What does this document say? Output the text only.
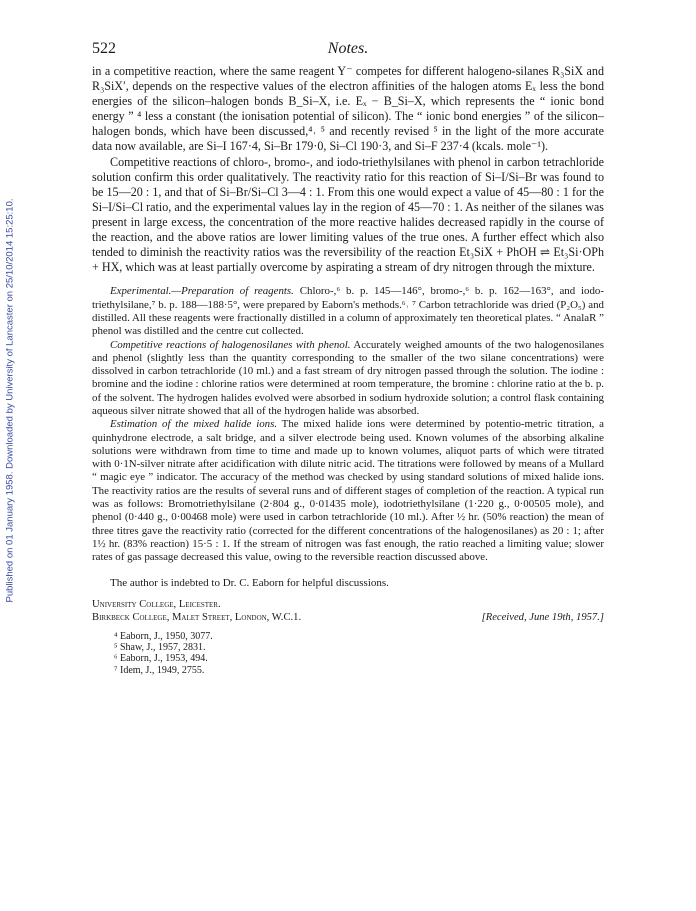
Published on 01 January 1958. Downloaded by University of Lancaster on 25/10/2014 15:25:10.
522	Notes.

in a competitive reaction, where the same reagent Y⁻ competes for different halogeno-silanes R₃SiX and R₃SiX′, depends on the respective values of the electron affinities of the halogen atoms Eₓ less the bond energies of the silicon–halogen bonds B_Si–X, i.e. Eₓ − B_Si–X, which represents the “ ionic bond energy ” ⁴ less a constant (the ionisation potential of silicon). The “ ionic bond energies ” of the silicon–halogen bonds, which have been discussed,⁴˒ ⁵ and recently revised ⁵ in the light of the more accurate data now available, are Si–I 167·4, Si–Br 179·0, Si–Cl 190·3, and Si–F 237·4 (kcals. mole⁻¹).

Competitive reactions of chloro-, bromo-, and iodo-triethylsilanes with phenol in carbon tetrachloride solution confirm this order qualitatively. The reactivity ratio for this reaction of Si–I/Si–Br was found to be 15—20 : 1, and that of Si–Br/Si–Cl 3—4 : 1. From this one would expect a value of 45—80 : 1 for the Si–I/Si–Cl ratio, and the experimental values lay in the region of 45—70 : 1. As neither of the silanes was present in large excess, the concentration of the more reactive halides decreased rapidly in the course of the reaction, and the above ratios are lower limiting values of the true ones. A further effect which also tended to diminish the reactivity ratios was the reversibility of the reaction Et₃SiX + PhOH ⇌ Et₃Si·OPh + HX, which was at least partially overcome by aspirating a stream of dry nitrogen through the mixture.

Experimental.—Preparation of reagents. Chloro-,⁶ b. p. 145—146°, bromo-,⁶ b. p. 162—163°, and iodo-triethylsilane,⁷ b. p. 188—188·5°, were prepared by Eaborn's methods.⁶˒ ⁷ Carbon tetrachloride was dried (P₂O₅) and distilled. All these reagents were fractionally distilled in a column of approximately ten theoretical plates. “ AnalaR ” phenol was distilled and the centre cut collected.

Competitive reactions of halogenosilanes with phenol. Accurately weighed amounts of the two halogenosilanes and phenol (slightly less than the quantity corresponding to the smaller of the two silane concentrations) were dissolved in carbon tetrachloride (10 ml.) and a fast stream of dry nitrogen passed through the solution. The iodine : bromine and the iodine : chlorine ratios were determined at room temperature, the bromine : chlorine ratio at the b. p. of the solvent. The hydrogen halides evolved were absorbed in sodium hydroxide solution; a control flask containing aqueous silver nitrate showed that all of the hydrogen halide was absorbed.

Estimation of the mixed halide ions. The mixed halide ions were determined by potentio-metric titration, a quinhydrone electrode, a salt bridge, and a silver electrode being used. Known volumes of the absorbing alkaline solutions were withdrawn from time to time and made up to known volumes, aliquot parts of which were titrated with 0·1N-silver nitrate after acidification with dilute nitric acid. The titrations were followed by means of a Mullard “ magic eye ” indicator. The accuracy of the method was checked by using standard solutions of mixed halide ions. The reactivity ratios are the results of several runs and of different stages of completion of the reaction. A typical run was as follows: Bromotriethylsilane (2·804 g., 0·01435 mole), iodotriethylsilane (1·220 g., 0·00505 mole), and phenol (0·440 g., 0·00468 mole) were used in carbon tetrachloride (10 ml.). After ½ hr. (50% reaction) the mean of three titres gave the reactivity ratio (corrected for the different concentrations of the halogenosilanes) as 20 : 1; after 1½ hr. (83% reaction) 15·5 : 1. If the stream of nitrogen was fast enough, the ratio reached a limiting value; slower rates of gas passage decreased this value, owing to the reversible reaction discussed above.

The author is indebted to Dr. C. Eaborn for helpful discussions.

University College, Leicester.
Birkbeck College, Malet Street, London, W.C.1.	[Received, June 19th, 1957.]
⁴ Eaborn, J., 1950, 3077.
⁵ Shaw, J., 1957, 2831.
⁶ Eaborn, J., 1953, 494.
⁷ Idem, J., 1949, 2755.
